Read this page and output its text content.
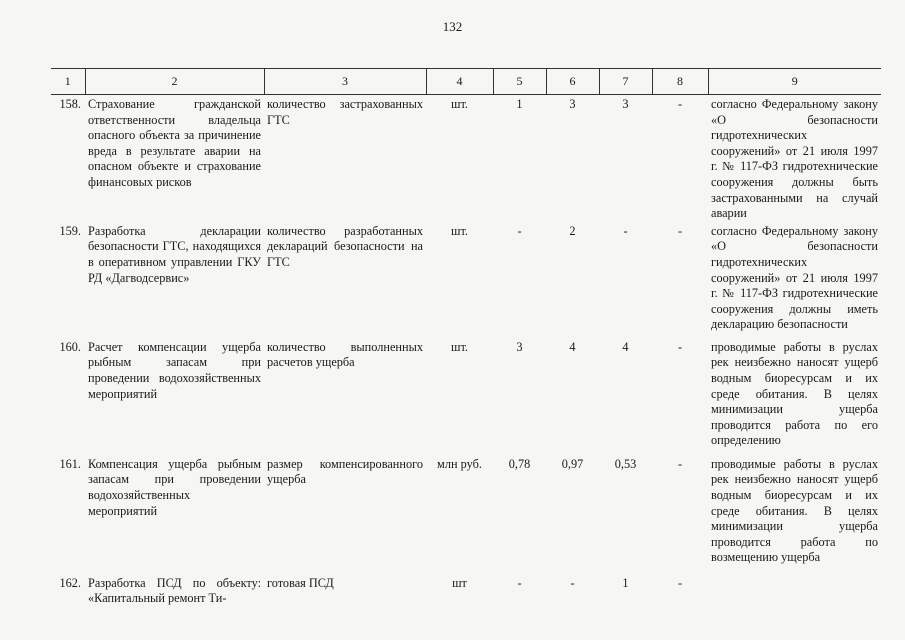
132
1	2	3	4	5	6	7	8	9
158.	Страхование гражданской ответственности владельца опасного объекта за причинение вреда в результате аварии на опасном объекте и страхование финансовых рисков	количество застрахованных ГТС	шт.	1	3	3	-	согласно Федеральному закону «О безопасности гидротехнических сооружений» от 21 июля 1997 г. № 117-ФЗ гидротехнические сооружения должны быть застрахованными на случай аварии
159.	Разработка декларации безопасности ГТС, находящихся в оперативном управлении ГКУ РД «Дагводсервис»	количество разработанных деклараций безопасности на ГТС	шт.	-	2	-	-	согласно Федеральному закону «О безопасности гидротехнических сооружений» от 21 июля 1997 г. № 117-ФЗ гидротехнические сооружения должны иметь декларацию безопасности
160.	Расчет компенсации ущерба рыбным запасам при проведении водохозяйственных мероприятий	количество выполненных расчетов ущерба	шт.	3	4	4	-	проводимые работы в руслах рек неизбежно наносят ущерб водным биоресурсам и их среде обитания. В целях минимизации ущерба проводится работа по его определению
161.	Компенсация ущерба рыбным запасам при проведении водохозяйственных мероприятий	размер компенсированного ущерба	млн руб.	0,78	0,97	0,53	-	проводимые работы в руслах рек неизбежно наносят ущерб водным биоресурсам и их среде обитания. В целях минимизации ущерба проводится работа по возмещению ущерба
162.	Разработка ПСД по объекту: «Капитальный ремонт Ти-	готовая ПСД	шт	-	-	1	-	
